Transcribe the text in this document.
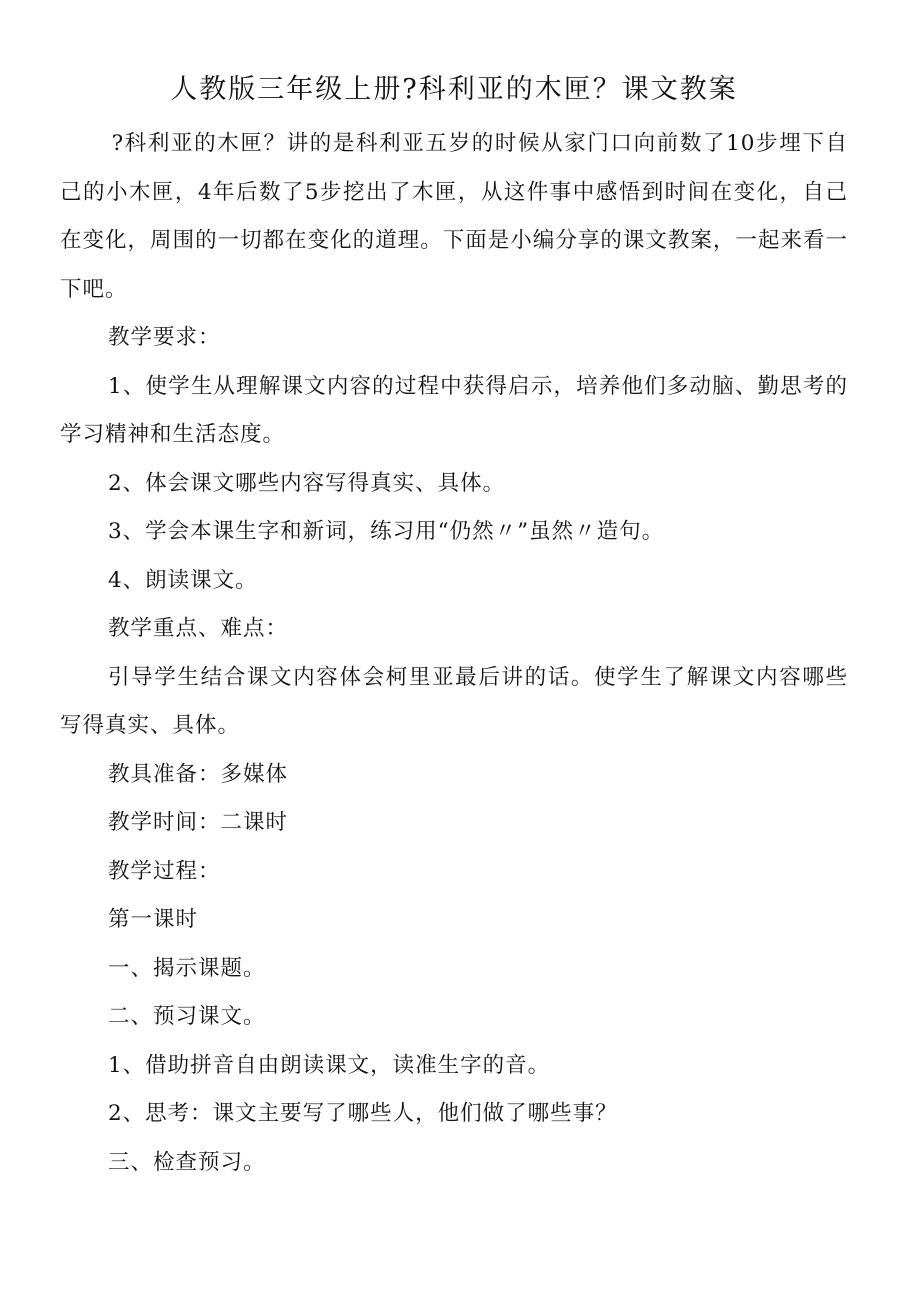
人教版三年级上册?科利亚的木匣？课文教案

?科利亚的木匣？讲的是科利亚五岁的时候从家门口向前数了10步埋下自己的小木匣，4年后数了5步挖出了木匣，从这件事中感悟到时间在变化，自己在变化，周围的一切都在变化的道理。下面是小编分享的课文教案，一起来看一下吧。

教学要求：

1、使学生从理解课文内容的过程中获得启示，培养他们多动脑、勤思考的学习精神和生活态度。

2、体会课文哪些内容写得真实、具体。

3、学会本课生字和新词，练习用“仍然〃”虽然〃造句。

4、朗读课文。

教学重点、难点：

引导学生结合课文内容体会柯里亚最后讲的话。使学生了解课文内容哪些写得真实、具体。

教具准备：多媒体

教学时间：二课时

教学过程：

第一课时

一、揭示课题。

二、预习课文。

1、借助拼音自由朗读课文，读准生字的音。

2、思考：课文主要写了哪些人，他们做了哪些事？

三、检查预习。
